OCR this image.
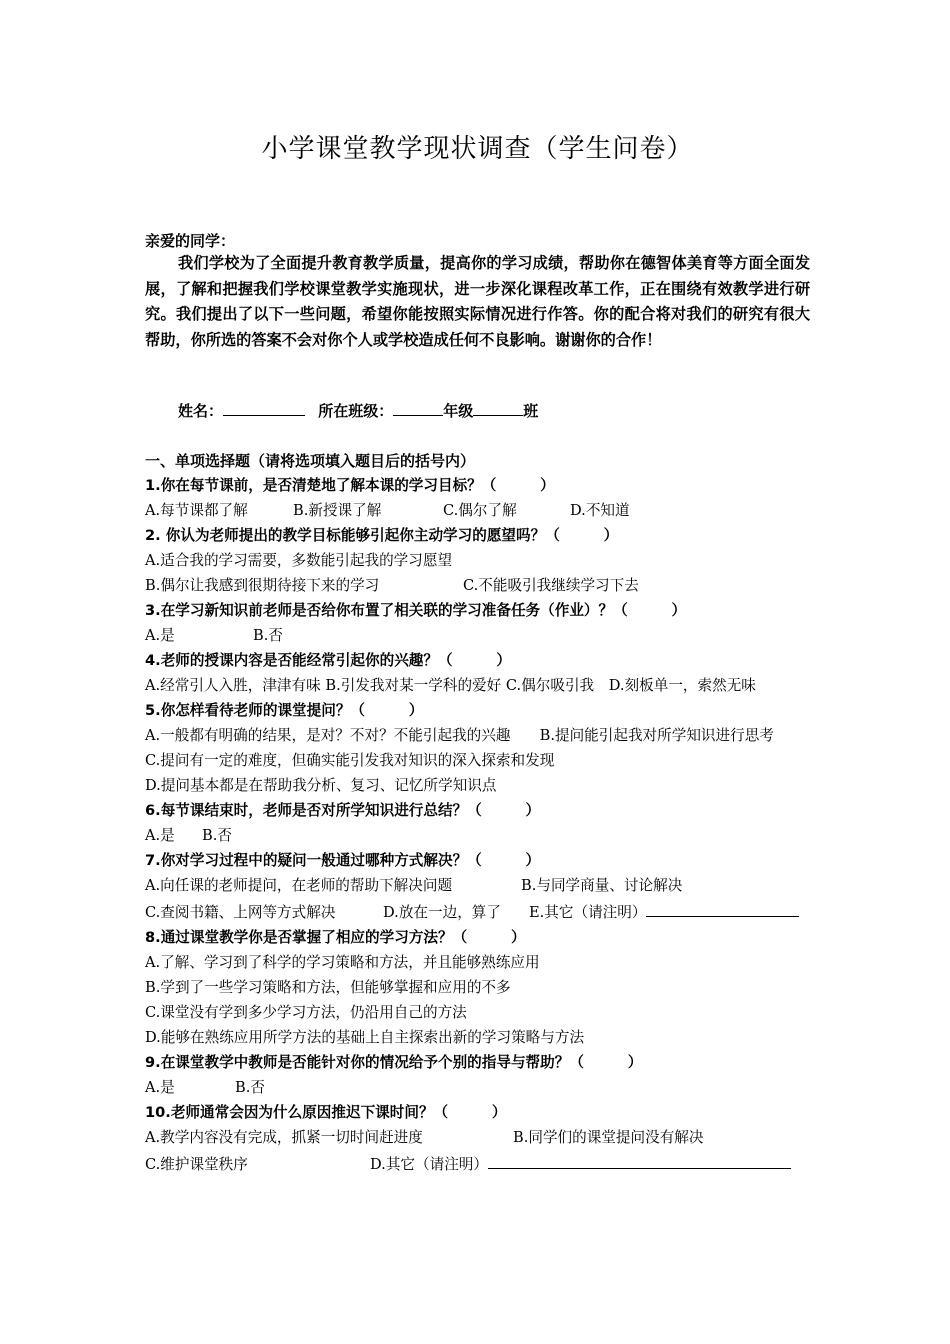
小学课堂教学现状调查（学生问卷）
亲爱的同学：
我们学校为了全面提升教育教学质量，提高你的学习成绩，帮助你在德智体美育等方面全面发展，了解和把握我们学校课堂教学实施现状，进一步深化课程改革工作，正在围绕有效教学进行研究。我们提出了以下一些问题，希望你能按照实际情况进行作答。你的配合将对我们的研究有很大帮助，你所选的答案不会对你个人或学校造成任何不良影响。谢谢你的合作！
姓名：	所在班级：	年级	班
一、单项选择题（请将选项填入题目后的括号内）
1.你在每节课前，是否清楚地了解本课的学习目标？（　　　）
A.每节课都了解	B.新授课了解	C.偶尔了解	D.不知道
2. 你认为老师提出的教学目标能够引起你主动学习的愿望吗？（　　　）
A.适合我的学习需要，多数能引起我的学习愿望
B.偶尔让我感到很期待接下来的学习	C.不能吸引我继续学习下去
3.在学习新知识前老师是否给你布置了相关联的学习准备任务（作业）？（　　　）
A.是	B.否
4.老师的授课内容是否能经常引起你的兴趣？（　　　）
A.经常引人入胜，津津有味 B.引发我对某一学科的爱好 C.偶尔吸引我　D.刻板单一，索然无味
5.你怎样看待老师的课堂提问？（　　　）
A.一般都有明确的结果，是对？不对？不能引起我的兴趣　　B.提问能引起我对所学知识进行思考
C.提问有一定的难度，但确实能引发我对知识的深入探索和发现
D.提问基本都是在帮助我分析、复习、记忆所学知识点
6.每节课结束时，老师是否对所学知识进行总结？（　　　）
A.是 B.否
7.你对学习过程中的疑问一般通过哪种方式解决？（　　　）
A.向任课的老师提问，在老师的帮助下解决问题	B.与同学商量、讨论解决
C.查阅书籍、上网等方式解决	D.放在一边，算了 E.其它（请注明）
8.通过课堂教学你是否掌握了相应的学习方法？（　　　）
A.了解、学习到了科学的学习策略和方法，并且能够熟练应用
B.学到了一些学习策略和方法，但能够掌握和应用的不多
C.课堂没有学到多少学习方法，仍沿用自己的方法
D.能够在熟练应用所学方法的基础上自主探索出新的学习策略与方法
9.在课堂教学中教师是否能针对你的情况给予个别的指导与帮助？（　　　）
A.是	B.否
10.老师通常会因为什么原因推迟下课时间？（　　　）
A.教学内容没有完成，抓紧一切时间赶进度	B.同学们的课堂提问没有解决
C.维护课堂秩序	D.其它（请注明）
